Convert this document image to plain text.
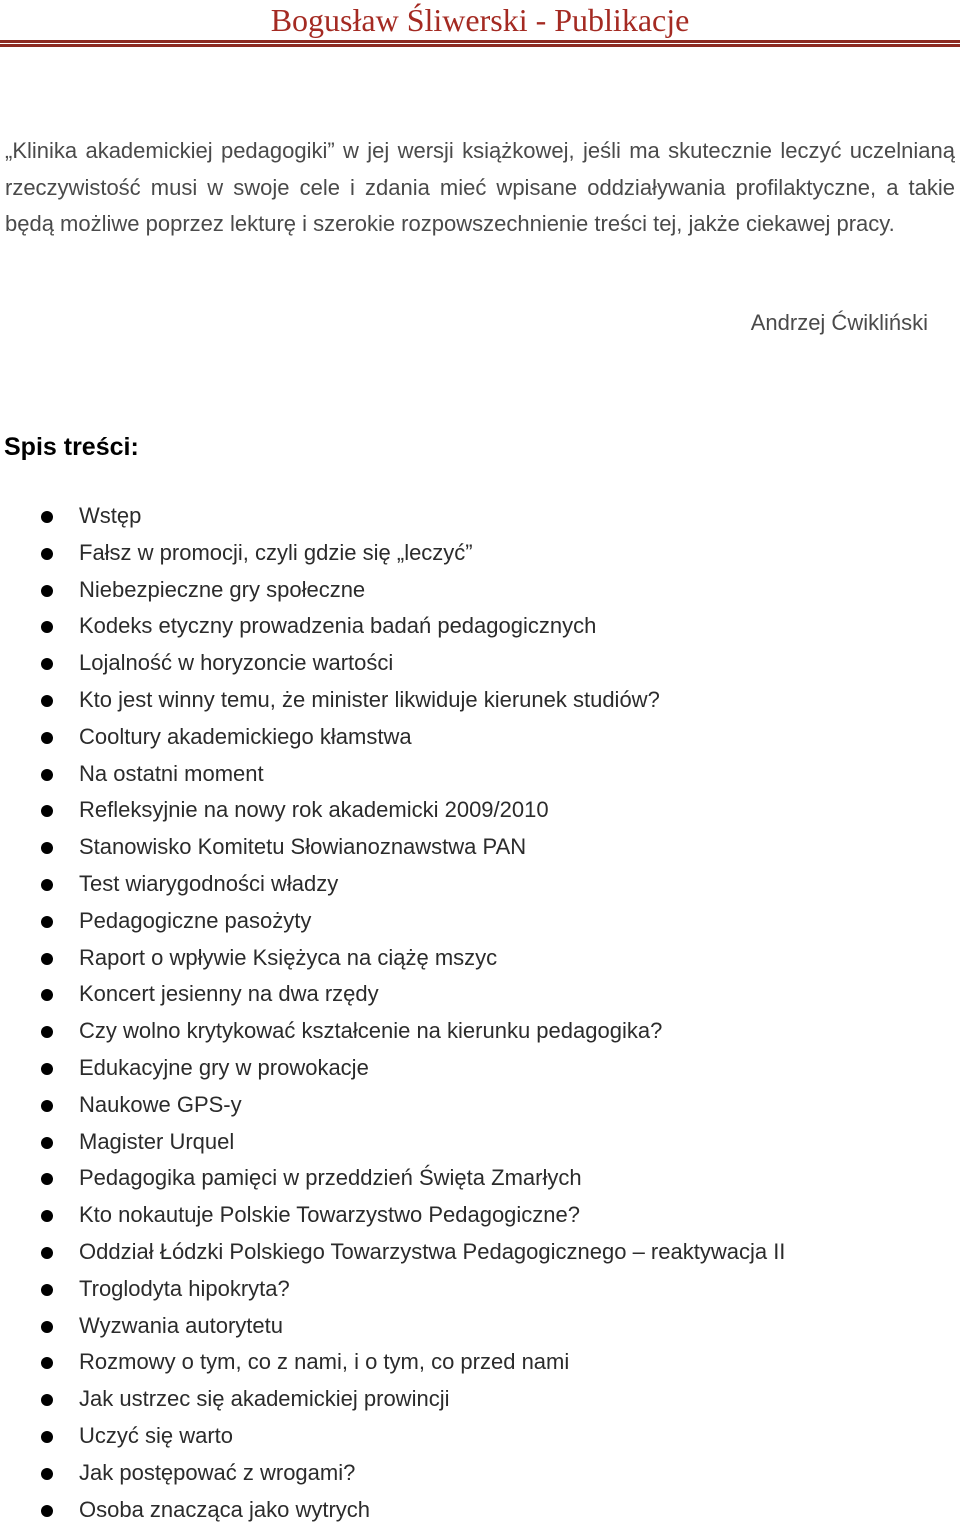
Bogusław Śliwerski - Publikacje

„Klinika akademickiej pedagogiki” w jej wersji książkowej, jeśli ma skutecznie leczyć uczelnianą rzeczywistość musi w swoje cele i zdania mieć wpisane oddziaływania profilaktyczne, a takie będą możliwe poprzez lekturę i szerokie rozpowszechnienie treści tej, jakże ciekawej pracy.

Andrzej Ćwikliński
Spis treści:
Wstęp
Fałsz w promocji, czyli gdzie się „leczyć”
Niebezpieczne gry społeczne
Kodeks etyczny prowadzenia badań pedagogicznych
Lojalność w horyzoncie wartości
Kto jest winny temu, że minister likwiduje kierunek studiów?
Cooltury akademickiego kłamstwa
Na ostatni moment
Refleksyjnie na nowy rok akademicki 2009/2010
Stanowisko Komitetu Słowianoznawstwa PAN
Test wiarygodności władzy
Pedagogiczne pasożyty
Raport o wpływie Księżyca na ciążę mszyc
Koncert jesienny na dwa rzędy
Czy wolno krytykować kształcenie na kierunku pedagogika?
Edukacyjne gry w prowokacje
Naukowe GPS-y
Magister Urquel
Pedagogika pamięci w przeddzień Święta Zmarłych
Kto nokautuje Polskie Towarzystwo Pedagogiczne?
Oddział Łódzki Polskiego Towarzystwa Pedagogicznego – reaktywacja II
Troglodyta hipokryta?
Wyzwania autorytetu
Rozmowy o tym, co z nami, i o tym, co przed nami
Jak ustrzec się akademickiej prowincji
Uczyć się warto
Jak postępować z wrogami?
Osoba znacząca jako wytrych
